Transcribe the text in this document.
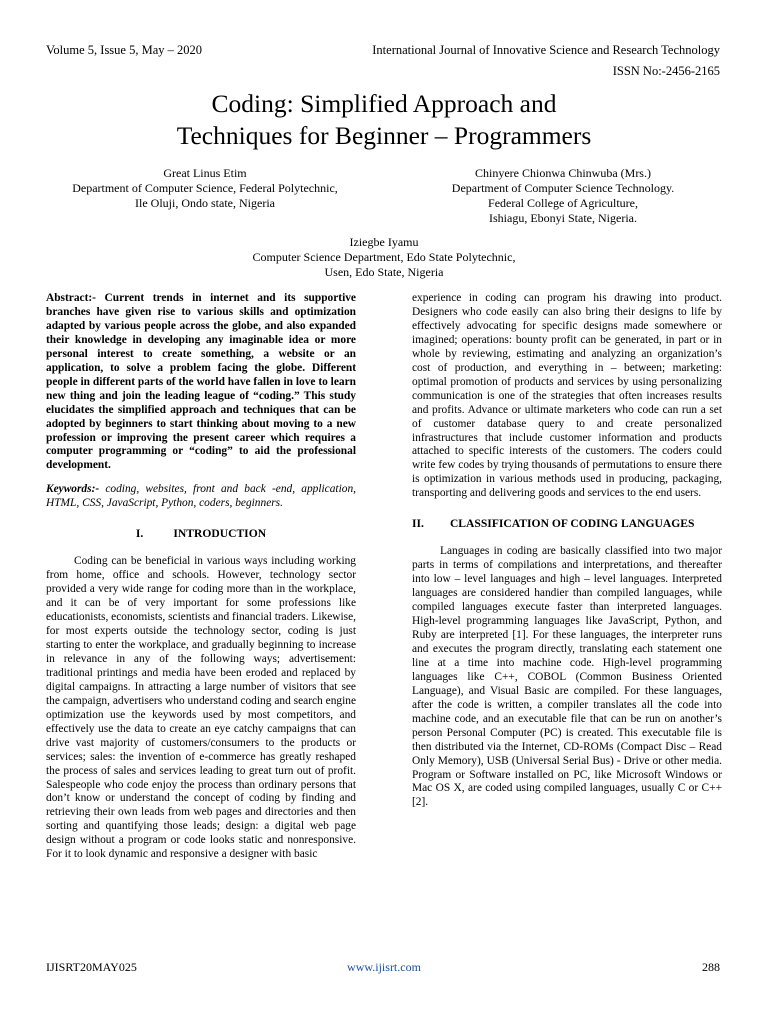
Volume 5, Issue 5, May – 2020	International Journal of Innovative Science and Research Technology
ISSN No:-2456-2165
Coding: Simplified Approach and
Techniques for Beginner – Programmers
Great Linus Etim
Department of Computer Science, Federal Polytechnic,
Ile Oluji, Ondo state, Nigeria
Chinyere Chionwa Chinwuba (Mrs.)
Department of Computer Science Technology.
Federal College of Agriculture,
Ishiagu, Ebonyi State, Nigeria.
Iziegbe Iyamu
Computer Science Department, Edo State Polytechnic,
Usen, Edo State, Nigeria

Abstract:- Current trends in internet and its supportive branches have given rise to various skills and optimization adapted by various people across the globe, and also expanded their knowledge in developing any imaginable idea or more personal interest to create something, a website or an application, to solve a problem facing the globe. Different people in different parts of the world have fallen in love to learn new thing and join the leading league of “coding.” This study elucidates the simplified approach and techniques that can be adopted by beginners to start thinking about moving to a new profession or improving the present career which requires a computer programming or “coding” to aid the professional development.

Keywords:- coding, websites, front and back -end, application, HTML, CSS, JavaScript, Python, coders, beginners.

I.	INTRODUCTION

Coding can be beneficial in various ways including working from home, office and schools. However, technology sector provided a very wide range for coding more than in the workplace, and it can be of very important for some professions like educationists, economists, scientists and financial traders. Likewise, for most experts outside the technology sector, coding is just starting to enter the workplace, and gradually beginning to increase in relevance in any of the following ways; advertisement: traditional printings and media have been eroded and replaced by digital campaigns. In attracting a large number of visitors that see the campaign, advertisers who understand coding and search engine optimization use the keywords used by most competitors, and effectively use the data to create an eye catchy campaigns that can drive vast majority of customers/consumers to the products or services; sales: the invention of e-commerce has greatly reshaped the process of sales and services leading to great turn out of profit. Salespeople who code enjoy the process than ordinary persons that don’t know or understand the concept of coding by finding and retrieving their own leads from web pages and directories and then sorting and quantifying those leads; design: a digital web page design without a program or code looks static and nonresponsive. For it to look dynamic and responsive a designer with basic

experience in coding can program his drawing into product. Designers who code easily can also bring their designs to life by effectively advocating for specific designs made somewhere or imagined; operations: bounty profit can be generated, in part or in whole by reviewing, estimating and analyzing an organization’s cost of production, and everything in – between; marketing: optimal promotion of products and services by using personalizing communication is one of the strategies that often increases results and profits. Advance or ultimate marketers who code can run a set of customer database query to and create personalized infrastructures that include customer information and products attached to specific interests of the customers. The coders could write few codes by trying thousands of permutations to ensure there is optimization in various methods used in producing, packaging, transporting and delivering goods and services to the end users.

II. CLASSIFICATION OF CODING LANGUAGES

Languages in coding are basically classified into two major parts in terms of compilations and interpretations, and thereafter into low – level languages and high – level languages. Interpreted languages are considered handier than compiled languages, while compiled languages execute faster than interpreted languages. High-level programming languages like JavaScript, Python, and Ruby are interpreted [1]. For these languages, the interpreter runs and executes the program directly, translating each statement one line at a time into machine code. High-level programming languages like C++, COBOL (Common Business Oriented Language), and Visual Basic are compiled. For these languages, after the code is written, a compiler translates all the code into machine code, and an executable file that can be run on another’s person Personal Computer (PC) is created. This executable file is then distributed via the Internet, CD-ROMs (Compact Disc – Read Only Memory), USB (Universal Serial Bus) - Drive or other media. Program or Software installed on PC, like Microsoft Windows or Mac OS X, are coded using compiled languages, usually C or C++ [2].

IJISRT20MAY025	www.ijisrt.com	288
